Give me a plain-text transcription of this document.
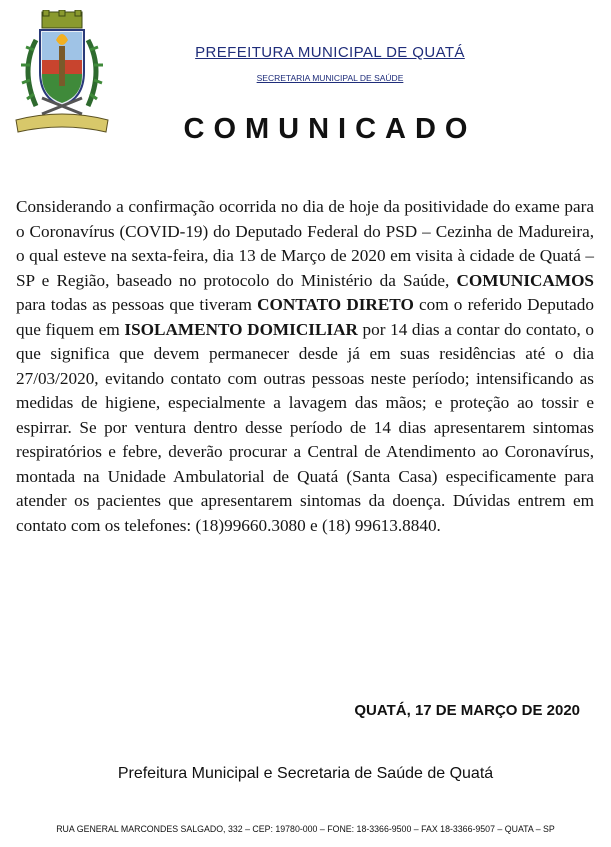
PREFEITURA MUNICIPAL DE QUATÁ
SECRETARIA MUNICIPAL DE SAÚDE
COMUNICADO

Considerando a confirmação ocorrida no dia de hoje da positividade do exame para o Coronavírus (COVID-19) do Deputado Federal do PSD – Cezinha de Madureira, o qual esteve na sexta-feira, dia 13 de Março de 2020 em visita à cidade de Quatá – SP e Região, baseado no protocolo do Ministério da Saúde, COMUNICAMOS para todas as pessoas que tiveram CONTATO DIRETO com o referido Deputado que fiquem em ISOLAMENTO DOMICILIAR por 14 dias a contar do contato, o que significa que devem permanecer desde já em suas residências até o dia 27/03/2020, evitando contato com outras pessoas neste período; intensificando as medidas de higiene, especialmente a lavagem das mãos; e proteção ao tossir e espirrar. Se por ventura dentro desse período de 14 dias apresentarem sintomas respiratórios e febre, deverão procurar a Central de Atendimento ao Coronavírus, montada na Unidade Ambulatorial de Quatá (Santa Casa) especificamente para atender os pacientes que apresentarem sintomas da doença. Dúvidas entrem em contato com os telefones: (18)99660.3080 e (18) 99613.8840.

QUATÁ, 17 DE MARÇO DE 2020
Prefeitura Municipal e Secretaria de Saúde de Quatá
RUA GENERAL MARCONDES SALGADO, 332 – CEP: 19780-000 – FONE: 18-3366-9500 – FAX 18-3366-9507 – QUATA – SP
